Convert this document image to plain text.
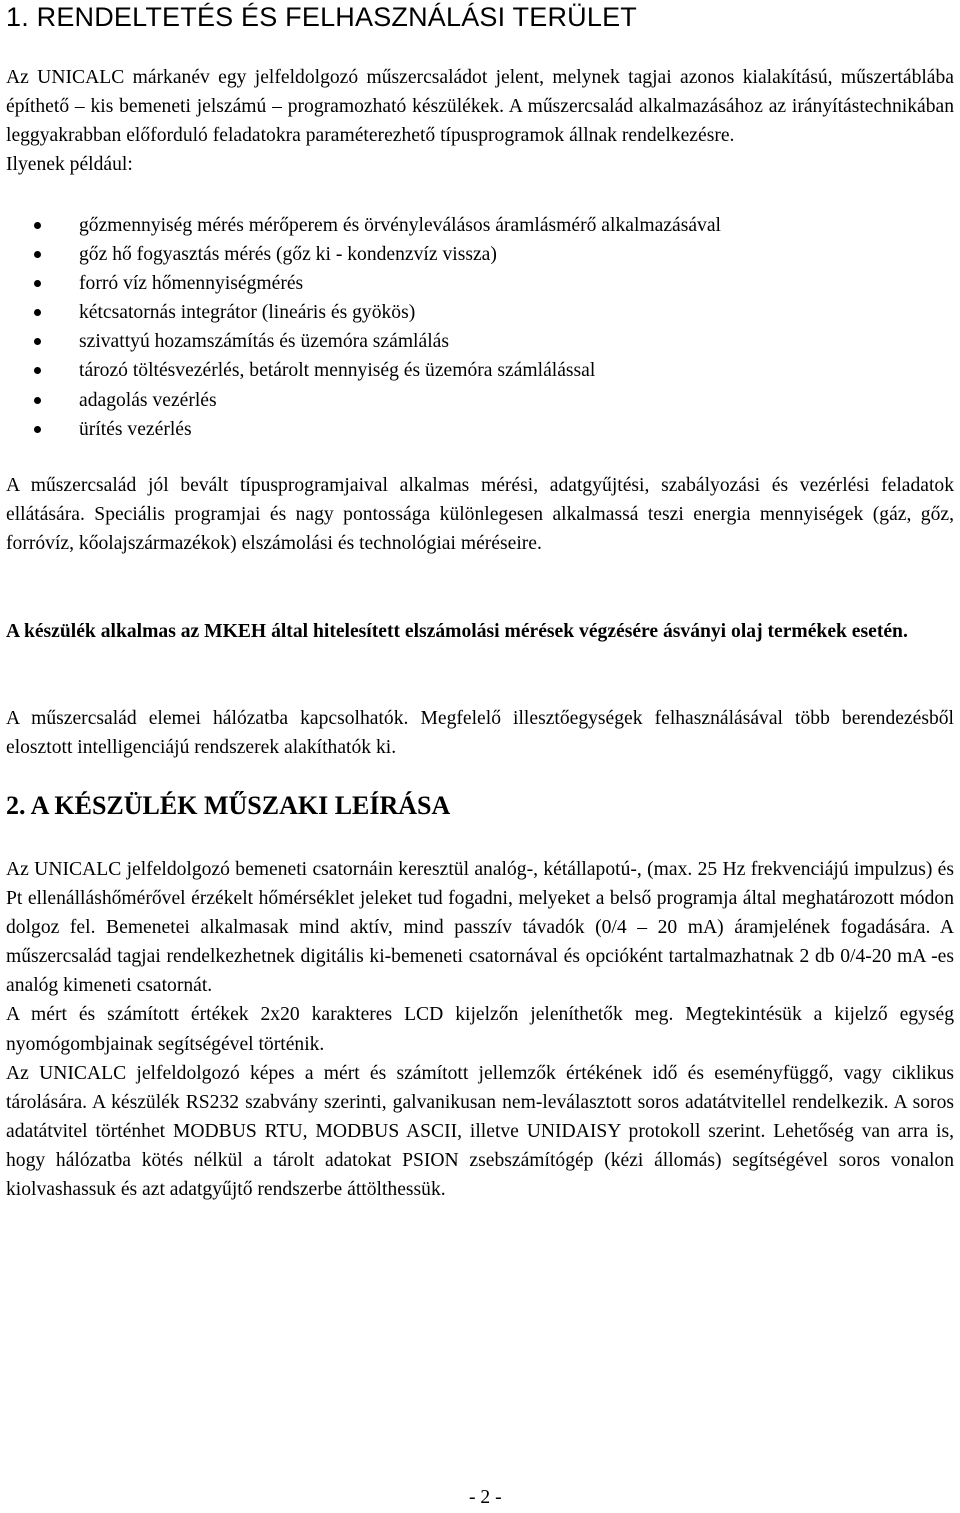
1. RENDELTETÉS ÉS FELHASZNÁLÁSI TERÜLET

Az UNICALC márkanév egy jelfeldolgozó műszercsaládot jelent, melynek tagjai azonos kialakítású, műszertáblába építhető – kis bemeneti jelszámú – programozható készülékek. A műszercsalád alkalmazásához az irányítástechnikában leggyakrabban előforduló feladatokra paraméterezhető típusprogramok állnak rendelkezésre.

Ilyenek például:

gőzmennyiség mérés mérőperem és örvényleválásos áramlásmérő alkalmazásával
gőz hő fogyasztás mérés (gőz ki - kondenzvíz vissza)
forró víz hőmennyiségmérés
kétcsatornás integrátor (lineáris és gyökös)
szivattyú hozamszámítás és üzemóra számlálás
tározó töltésvezérlés, betárolt mennyiség és üzemóra számlálással
adagolás vezérlés
ürítés vezérlés

A műszercsalád jól bevált típusprogramjaival alkalmas mérési, adatgyűjtési, szabályozási és vezérlési feladatok ellátására. Speciális programjai és nagy pontossága különlegesen alkalmassá teszi energia mennyiségek (gáz, gőz, forróvíz, kőolajszármazékok) elszámolási és technológiai méréseire.

A készülék alkalmas az MKEH által hitelesített elszámolási mérések végzésére ásványi olaj termékek esetén.

A műszercsalád elemei hálózatba kapcsolhatók. Megfelelő illesztőegységek felhasználásával több berendezésből elosztott intelligenciájú rendszerek alakíthatók ki.

2. A KÉSZÜLÉK MŰSZAKI LEÍRÁSA

Az UNICALC jelfeldolgozó bemeneti csatornáin keresztül analóg-, kétállapotú-, (max. 25 Hz frekvenciájú impulzus) és Pt ellenálláshőmérővel érzékelt hőmérséklet jeleket tud fogadni, melyeket a belső programja által meghatározott módon dolgoz fel. Bemenetei alkalmasak mind aktív, mind passzív távadók (0/4 – 20 mA) áramjelének fogadására. A műszercsalád tagjai rendelkezhetnek digitális ki-bemeneti csatornával és opcióként tartalmazhatnak 2 db 0/4-20 mA -es analóg kimeneti csatornát.

A mért és számított értékek 2x20 karakteres LCD kijelzőn jeleníthetők meg. Megtekintésük a kijelző egység nyomógombjainak segítségével történik.

Az UNICALC jelfeldolgozó képes a mért és számított jellemzők értékének idő és eseményfüggő, vagy ciklikus tárolására. A készülék RS232 szabvány szerinti, galvanikusan nem-leválasztott soros adatátvitellel rendelkezik. A soros adatátvitel történhet MODBUS RTU, MODBUS ASCII, illetve UNIDAISY protokoll szerint. Lehetőség van arra is, hogy hálózatba kötés nélkül a tárolt adatokat PSION zsebszámítógép (kézi állomás) segítségével soros vonalon kiolvashassuk és azt adatgyűjtő rendszerbe áttölthessük.

- 2 -
